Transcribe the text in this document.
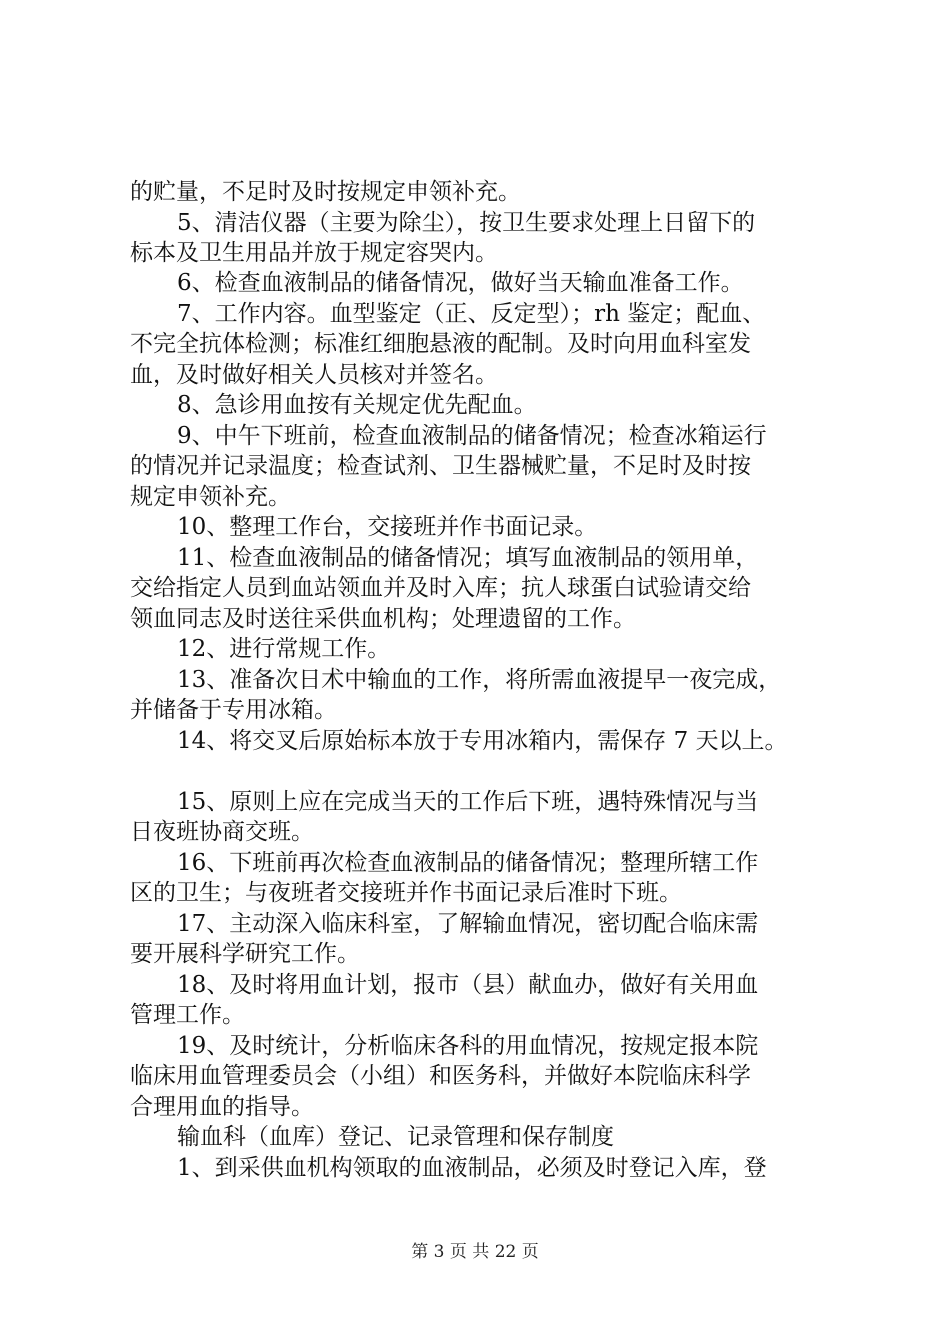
的贮量，不足时及时按规定申领补充。
5、清洁仪器（主要为除尘），按卫生要求处理上日留下的
标本及卫生用品并放于规定容哭内。
6、检查血液制品的储备情况，做好当天输血准备工作。
7、工作内容。血型鉴定（正、反定型）；rh 鉴定；配血、
不完全抗体检测；标准红细胞悬液的配制。及时向用血科室发
血，及时做好相关人员核对并签名。
8、急诊用血按有关规定优先配血。
9、中午下班前，检查血液制品的储备情况；检查冰箱运行
的情况并记录温度；检查试剂、卫生器械贮量，不足时及时按
规定申领补充。
10、整理工作台，交接班并作书面记录。
11、检查血液制品的储备情况；填写血液制品的领用单，
交给指定人员到血站领血并及时入库；抗人球蛋白试验请交给
领血同志及时送往采供血机构；处理遗留的工作。
12、进行常规工作。
13、准备次日术中输血的工作，将所需血液提早一夜完成，
并储备于专用冰箱。
14、将交叉后原始标本放于专用冰箱内，需保存 7 天以上。
15、原则上应在完成当天的工作后下班，遇特殊情况与当
日夜班协商交班。
16、下班前再次检查血液制品的储备情况；整理所辖工作
区的卫生；与夜班者交接班并作书面记录后准时下班。
17、主动深入临床科室，了解输血情况，密切配合临床需
要开展科学研究工作。
18、及时将用血计划，报市（县）献血办，做好有关用血
管理工作。
19、及时统计，分析临床各科的用血情况，按规定报本院
临床用血管理委员会（小组）和医务科，并做好本院临床科学
合理用血的指导。
输血科（血库）登记、记录管理和保存制度
1、到采供血机构领取的血液制品，必须及时登记入库，登
第 3 页 共 22 页
